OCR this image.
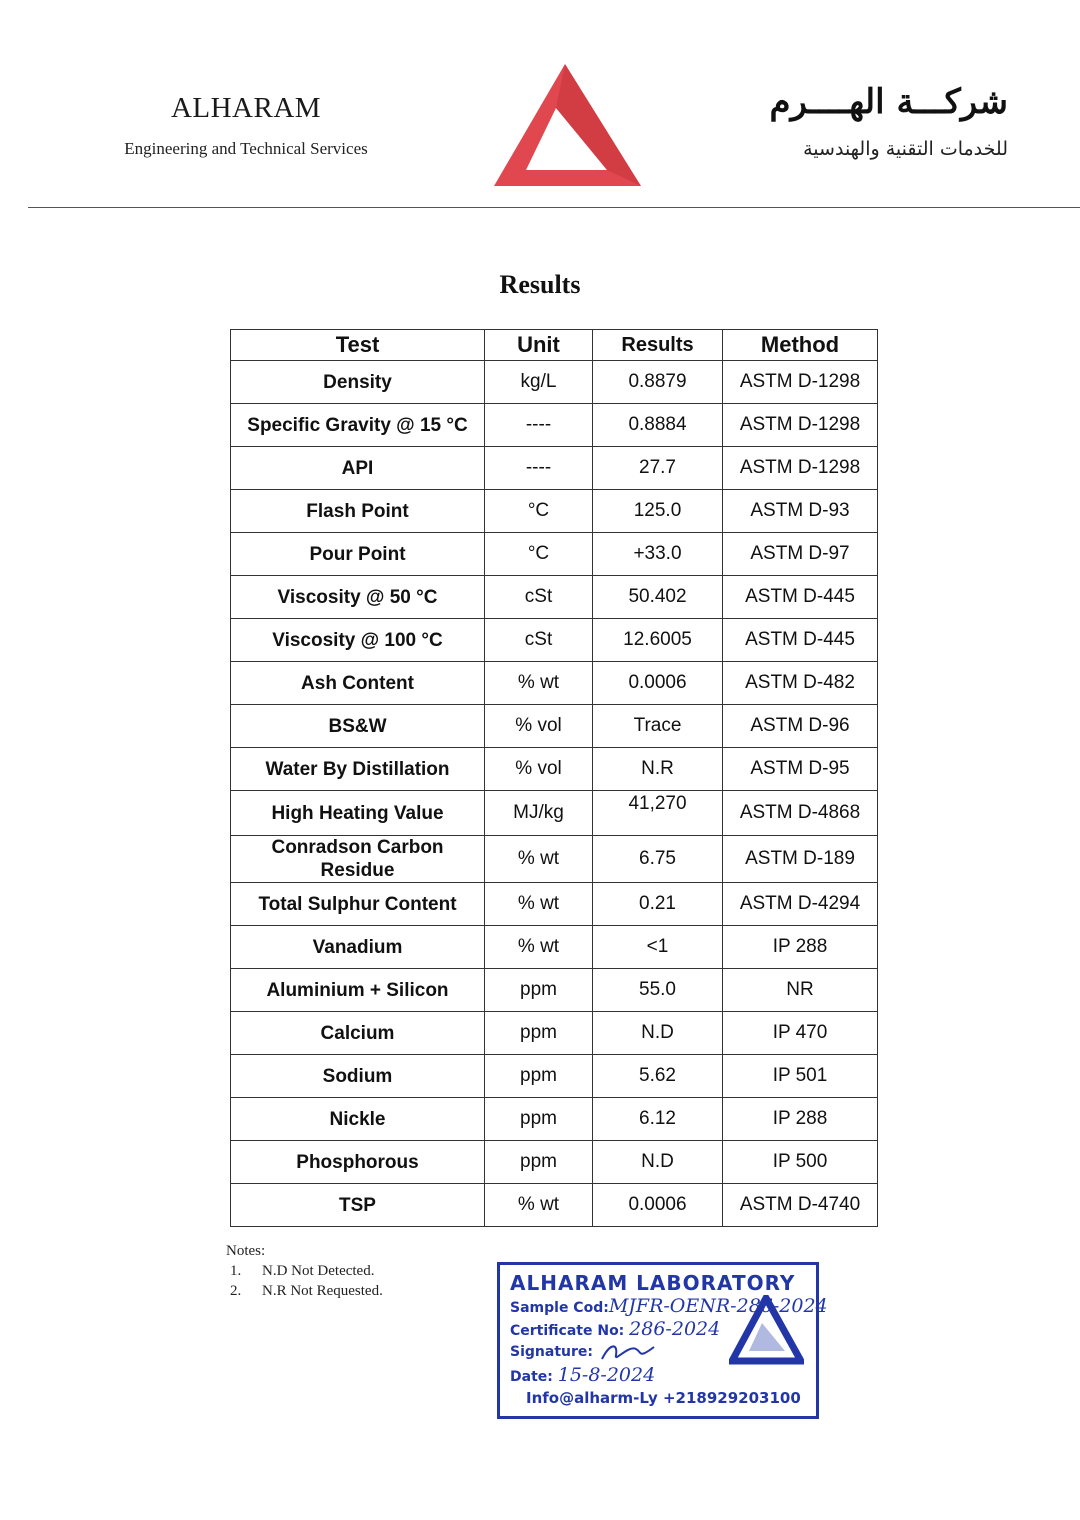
ALHARAM
Engineering and Technical Services
شركـــة الهــــرم
للخدمات التقنية والهندسية
Results
Test	Unit	Results	Method
Density	kg/L	0.8879	ASTM D-1298
Specific Gravity @ 15 °C	----	0.8884	ASTM D-1298
API	----	27.7	ASTM D-1298
Flash Point	°C	125.0	ASTM D-93
Pour Point	°C	+33.0	ASTM D-97
Viscosity @ 50 °C	cSt	50.402	ASTM D-445
Viscosity @ 100 °C	cSt	12.6005	ASTM D-445
Ash Content	% wt	0.0006	ASTM D-482
BS&W	% vol	Trace	ASTM D-96
Water By Distillation	% vol	N.R	ASTM D-95
High Heating Value	MJ/kg	41,270	ASTM D-4868
Conradson Carbon Residue	% wt	6.75	ASTM D-189
Total Sulphur Content	% wt	0.21	ASTM D-4294
Vanadium	% wt	<1	IP 288
Aluminium + Silicon	ppm	55.0	NR
Calcium	ppm	N.D	IP 470
Sodium	ppm	5.62	IP 501
Nickle	ppm	6.12	IP 288
Phosphorous	ppm	N.D	IP 500
TSP	% wt	0.0006	ASTM D-4740
Notes:
1. N.D Not Detected.
2. N.R Not Requested.	ALHARAM LABORATORY
Sample Cod:MJFR-OENR-286-2024
Certificate No: 286-2024
Signature:
Date: 15-8-2024
Info@alharm-Ly +218929203100
